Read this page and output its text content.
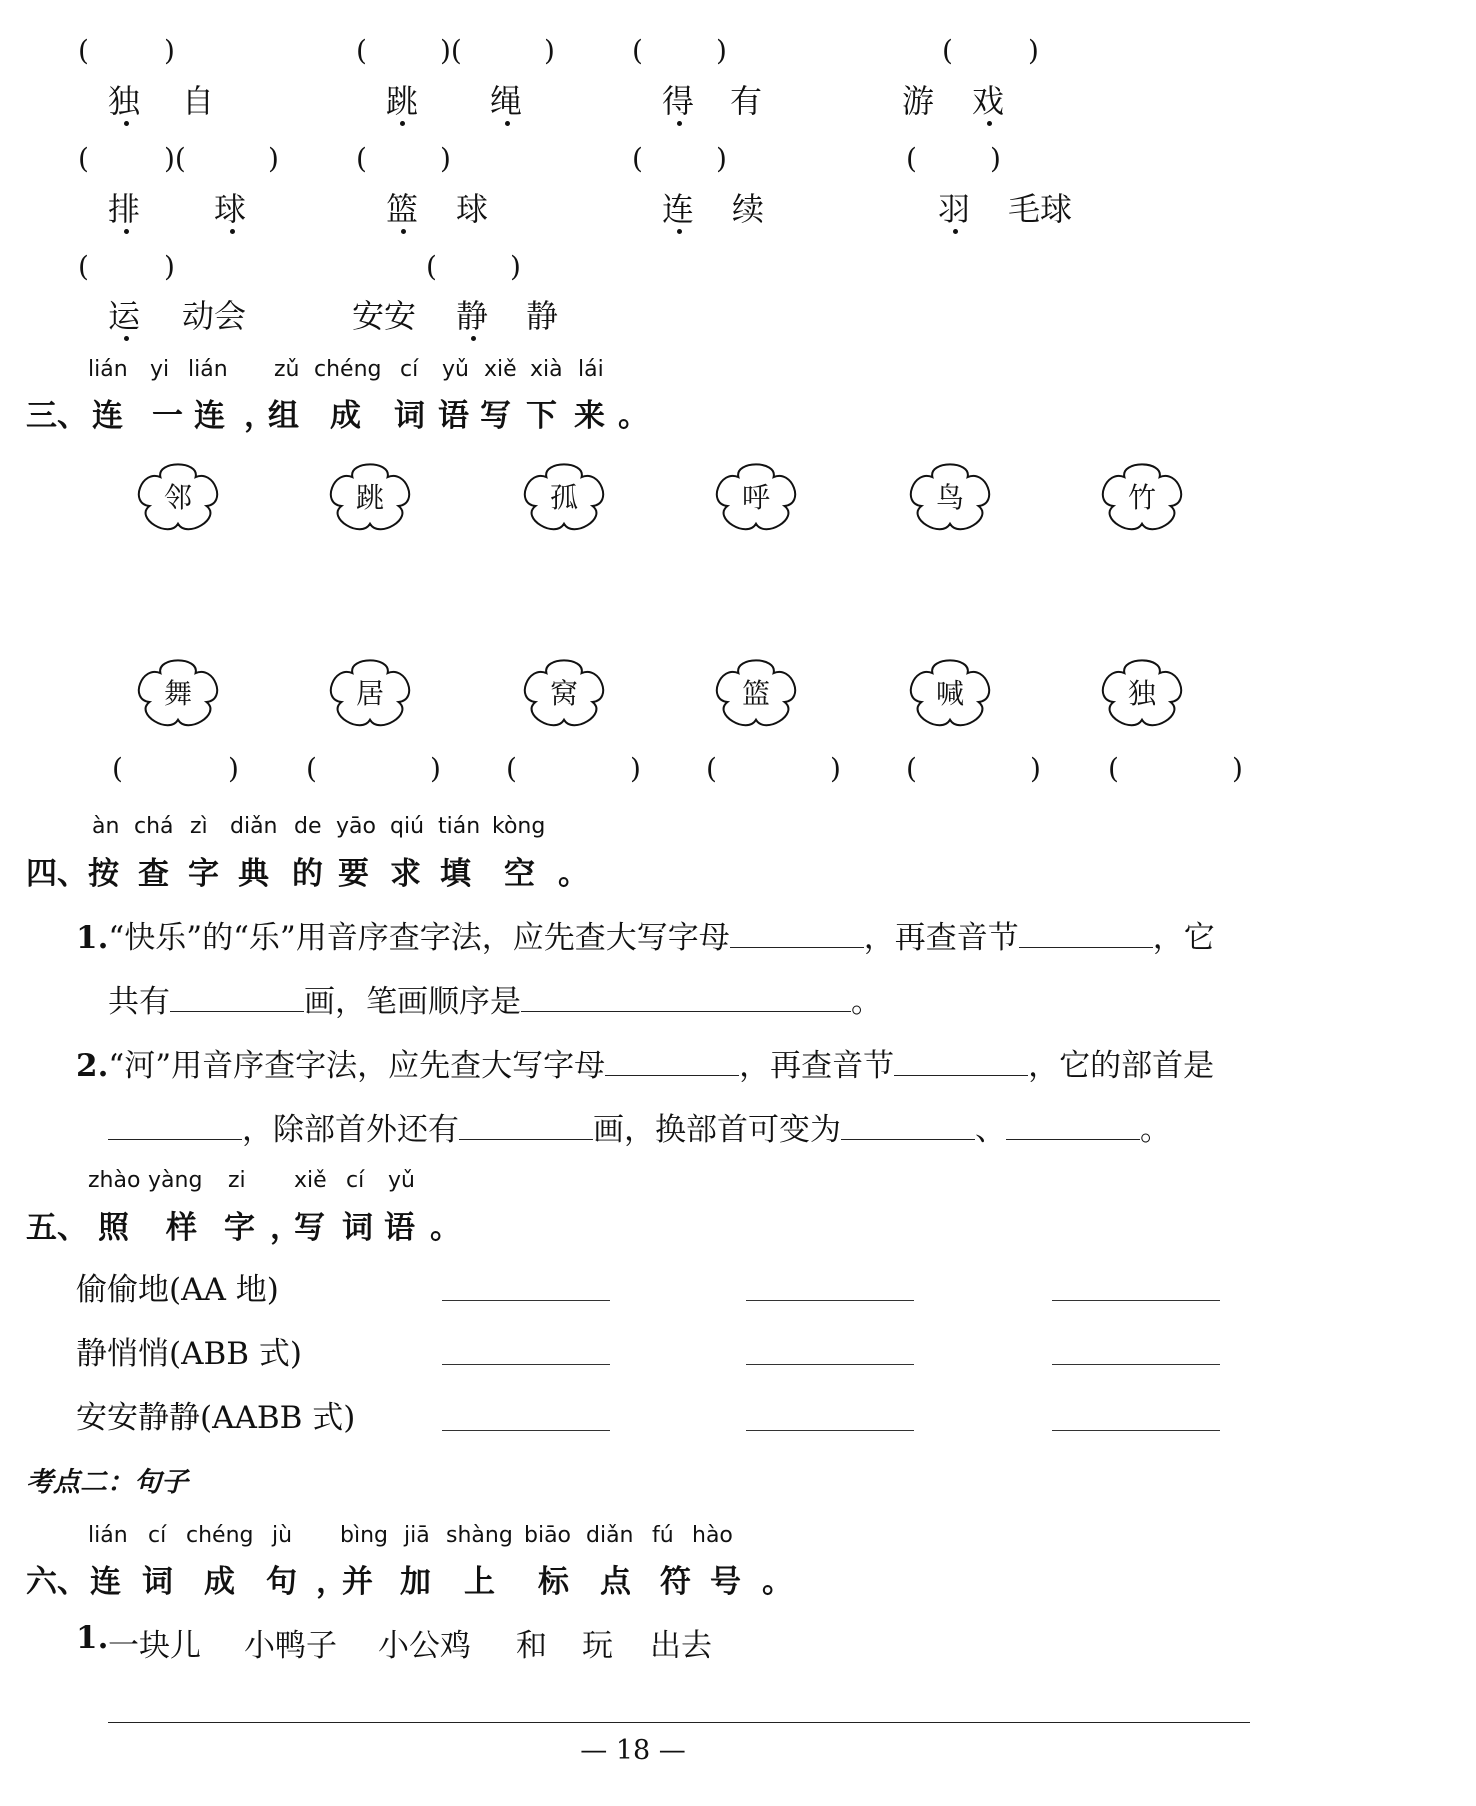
(	)	(	)(	)	(	)	(	)
独 自	跳 绳	得 有	游 戏
(	)(	)	(	)	(	)	(	)
排 球	篮 球	连 续	羽 毛球
(	)	(	)
运 动会	安安 静 静
lián yi lián zǔ chéng cí yǔ xiě xià lái
三、 连 一 连 ，
组 成 词 语 写 下 来 。
邻	跳	孤	呼	鸟	竹
舞	居	窝	篮	喊	独
(	) (	) (	) (	) (	) (	)
àn chá zì diǎn de yāo qiú tián kòng
四、 按 查 字 典 的 要 求 填 空 。
1.“快乐”的“乐”用音序查字法，应先查大写字母	，再查音节	，它
共有	画，笔画顺序是	。
2.“河”用音序查字法，应先查大写字母	，再查音节	，它的部首是
，除部首外还有	画，换部首可变为	、	。
zhào yàng zi xiě cí yǔ
五、 照 样 字 ，
写 词 语 。
偷偷地(AA 地)
静悄悄(ABB 式)
安安静静(AABB 式)
考点二：句子
lián cí chéng jù bìng jiā shàng biāo diǎn fú hào
六、 连 词 成 句 ，
并 加 上 标 点 符 号 。
1. 一块儿 小鸭子 小公鸡 和 玩 出去
— 18 —
